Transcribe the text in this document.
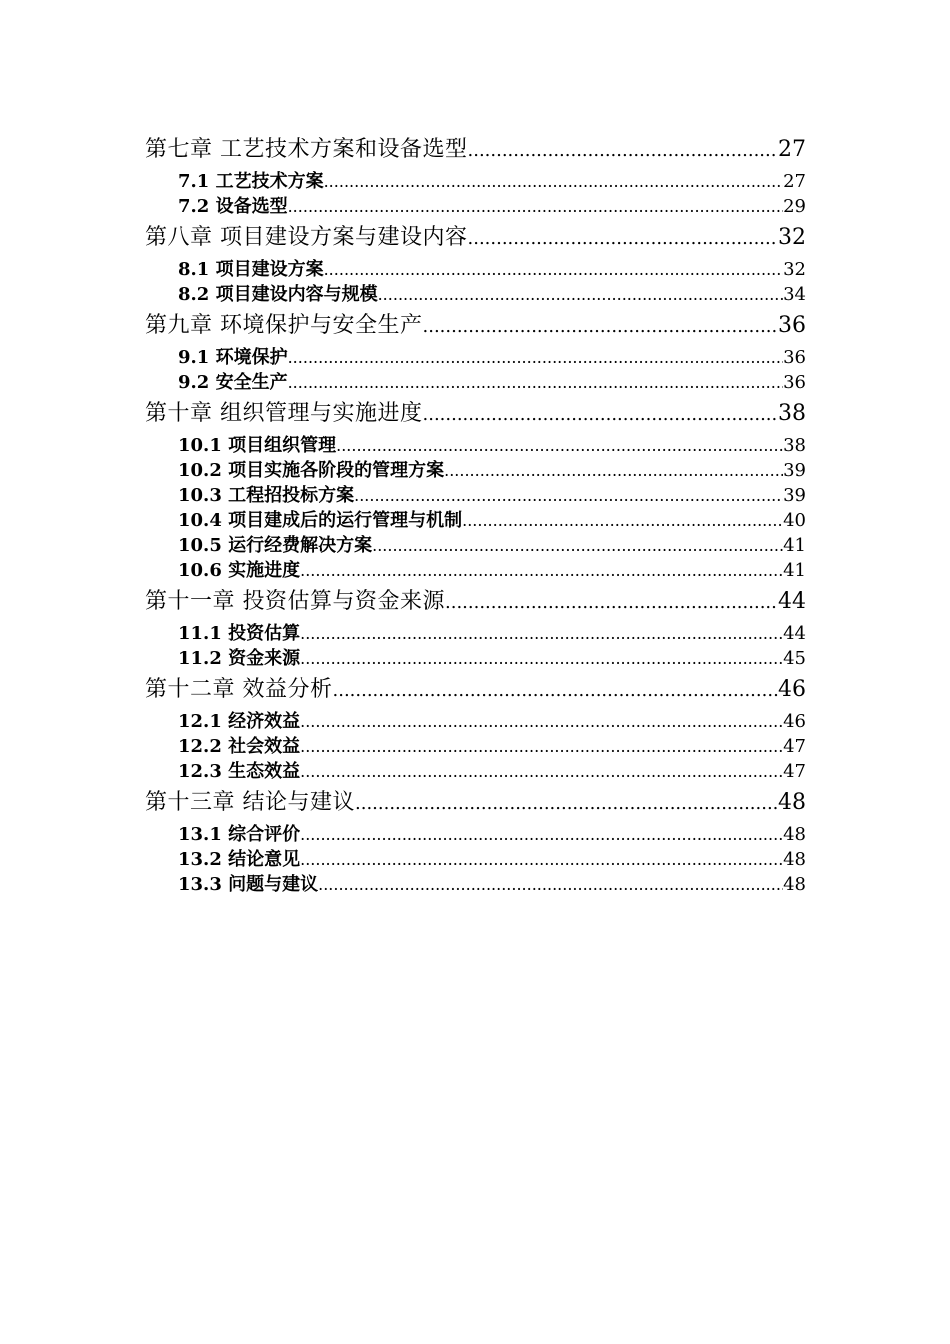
第七章 工艺技术方案和设备选型 .....	27
7.1 工艺技术方案 .....	27
7.2 设备选型 .....	29
第八章 项目建设方案与建设内容 .....	32
8.1 项目建设方案 .....	32
8.2 项目建设内容与规模 .....	34
第九章 环境保护与安全生产 .....	36
9.1 环境保护 .....	36
9.2 安全生产 .....	36
第十章 组织管理与实施进度 .....	38
10.1 项目组织管理 .....	38
10.2 项目实施各阶段的管理方案 .....	39
10.3 工程招投标方案 .....	39
10.4 项目建成后的运行管理与机制 .....	40
10.5 运行经费解决方案 .....	41
10.6 实施进度 .....	41
第十一章 投资估算与资金来源 .....	44
11.1 投资估算 .....	44
11.2 资金来源 .....	45
第十二章 效益分析 .....	46
12.1 经济效益 .....	46
12.2 社会效益 .....	47
12.3 生态效益 .....	47
第十三章 结论与建议 .....	48
13.1 综合评价 .....	48
13.2 结论意见 .....	48
13.3 问题与建议 .....	48
